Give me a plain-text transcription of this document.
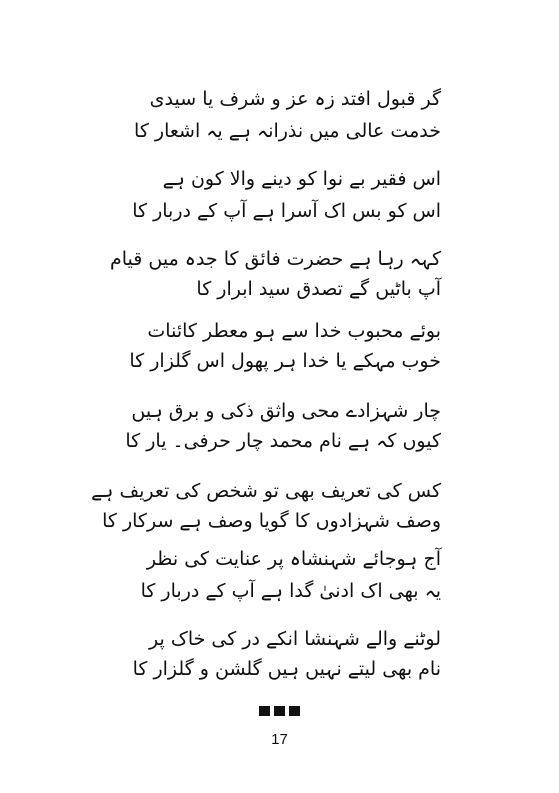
گر قبول افتد زہ عز و شرف یا سیدی
خدمت عالی میں نذرانہ ہے یہ اشعار کا
اس فقیر بے نوا کو دینے والا کون ہے
اس کو بس اک آسرا ہے آپ کے دربار کا
کہہ رہا ہے حضرت فائق کا جدہ میں قیام
آپ باٹیں گے تصدق سید ابرار کا
بوئے محبوب خدا سے ہو معطر کائنات
خوب مہکے یا خدا ہر پھول اس گلزار کا
چار شہزادے محی واثق ذکی و برق ہیں
کیوں کہ ہے نام محمد چار حرفی۔ یار کا
کس کی تعریف بھی تو شخص کی تعریف ہے
وصف شہزادوں کا گویا وصف ہے سرکار کا
آج ہوجائے شہنشاہ پر عنایت کی نظر
یہ بھی اک ادنیٰ گدا ہے آپ کے دربار کا
لوٹنے والے شہنشا انکے در کی خاک پر
نام بھی لیتے نہیں ہیں گلشن و گلزار کا
17
